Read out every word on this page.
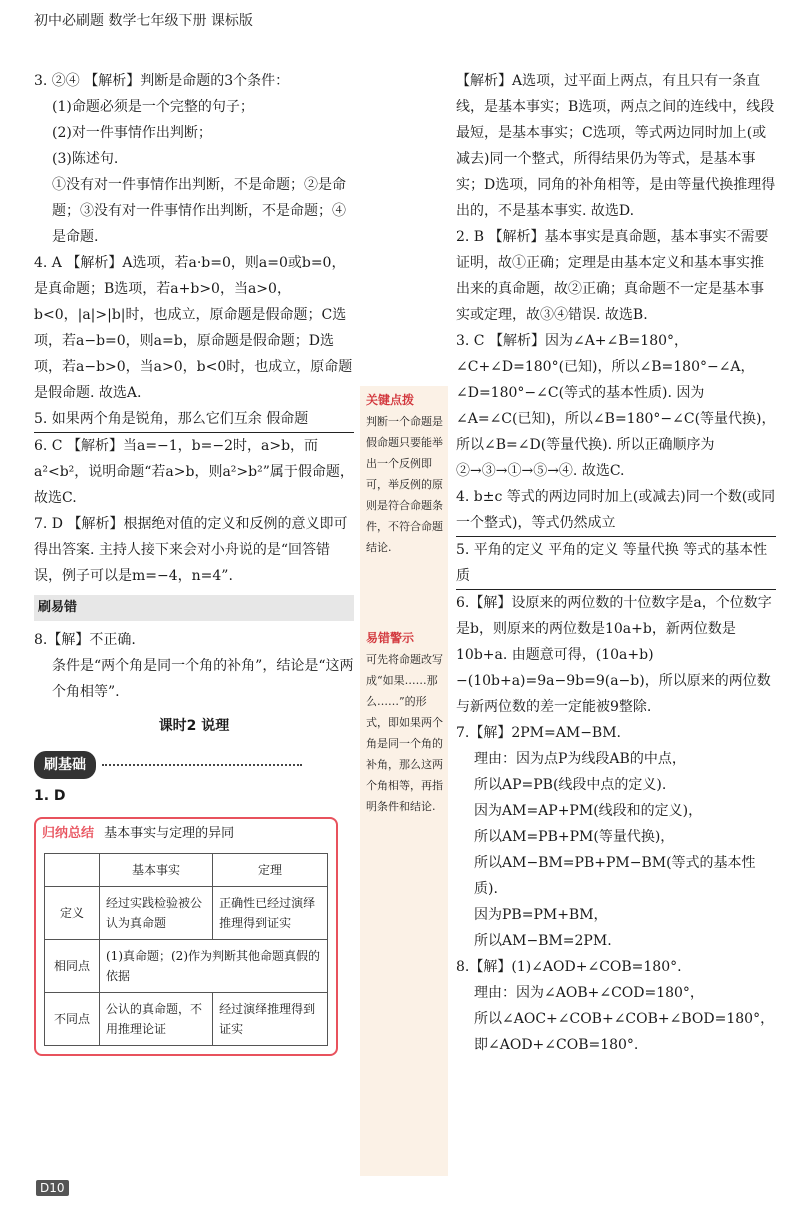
初中必刷题 数学七年级下册 课标版

3. ②④ 【解析】判断是命题的3个条件：

(1)命题必须是一个完整的句子；

(2)对一件事情作出判断；

(3)陈述句.

①没有对一件事情作出判断，不是命题；②是命题；③没有对一件事情作出判断，不是命题；④是命题.

4. A 【解析】A选项，若a·b=0，则a=0或b=0，是真命题；B选项，若a+b>0，当a>0，b<0，|a|>|b|时，也成立，原命题是假命题；C选项，若a−b=0，则a=b，原命题是假命题；D选项，若a−b>0，当a>0，b<0时，也成立，原命题是假命题. 故选A.

5. 如果两个角是锐角，那么它们互余 假命题

6. C 【解析】当a=−1，b=−2时，a>b，而a²<b²，说明命题“若a>b，则a²>b²”属于假命题，故选C.

7. D 【解析】根据绝对值的定义和反例的意义即可得出答案. 主持人接下来会对小舟说的是“回答错误，例子可以是m=−4，n=4”.

刷易错

8.【解】不正确.

条件是“两个角是同一个角的补角”，结论是“这两个角相等”.

课时2 说理
刷基础

1. D

归纳总结 基本事实与定理的异同
	基本事实	定理
定义	经过实践检验被公认为真命题	正确性已经过演绎推理得到证实
相同点	(1)真命题；(2)作为判断其他命题真假的依据	
不同点	公认的真命题，不用推理论证	经过演绎推理得到证实
关键点拨
判断一个命题是假命题只要能举出一个反例即可，举反例的原则是符合命题条件，不符合命题结论.
易错警示
可先将命题改写成“如果……那么……”的形式，即如果两个角是同一个角的补角，那么这两个角相等，再指明条件和结论.

【解析】A选项，过平面上两点，有且只有一条直线，是基本事实；B选项，两点之间的连线中，线段最短，是基本事实；C选项，等式两边同时加上(或减去)同一个整式，所得结果仍为等式，是基本事实；D选项，同角的补角相等，是由等量代换推理得出的，不是基本事实. 故选D.

2. B 【解析】基本事实是真命题，基本事实不需要证明，故①正确；定理是由基本定义和基本事实推出来的真命题，故②正确；真命题不一定是基本事实或定理，故③④错误. 故选B.

3. C 【解析】因为∠A+∠B=180°，∠C+∠D=180°(已知)，所以∠B=180°−∠A，∠D=180°−∠C(等式的基本性质). 因为∠A=∠C(已知)，所以∠B=180°−∠C(等量代换)，所以∠B=∠D(等量代换). 所以正确顺序为②→③→①→⑤→④. 故选C.

4. b±c 等式的两边同时加上(或减去)同一个数(或同一个整式)，等式仍然成立

5. 平角的定义 平角的定义 等量代换 等式的基本性质

6.【解】设原来的两位数的十位数字是a，个位数字是b，则原来的两位数是10a+b，新两位数是10b+a. 由题意可得，(10a+b)−(10b+a)=9a−9b=9(a−b)，所以原来的两位数与新两位数的差一定能被9整除.

7.【解】2PM=AM−BM.

理由：因为点P为线段AB的中点，

所以AP=PB(线段中点的定义).

因为AM=AP+PM(线段和的定义)，

所以AM=PB+PM(等量代换)，

所以AM−BM=PB+PM−BM(等式的基本性质).

因为PB=PM+BM，

所以AM−BM=2PM.

8.【解】(1)∠AOD+∠COB=180°.

理由：因为∠AOB+∠COD=180°，

所以∠AOC+∠COB+∠COB+∠BOD=180°，

即∠AOD+∠COB=180°.

D10
